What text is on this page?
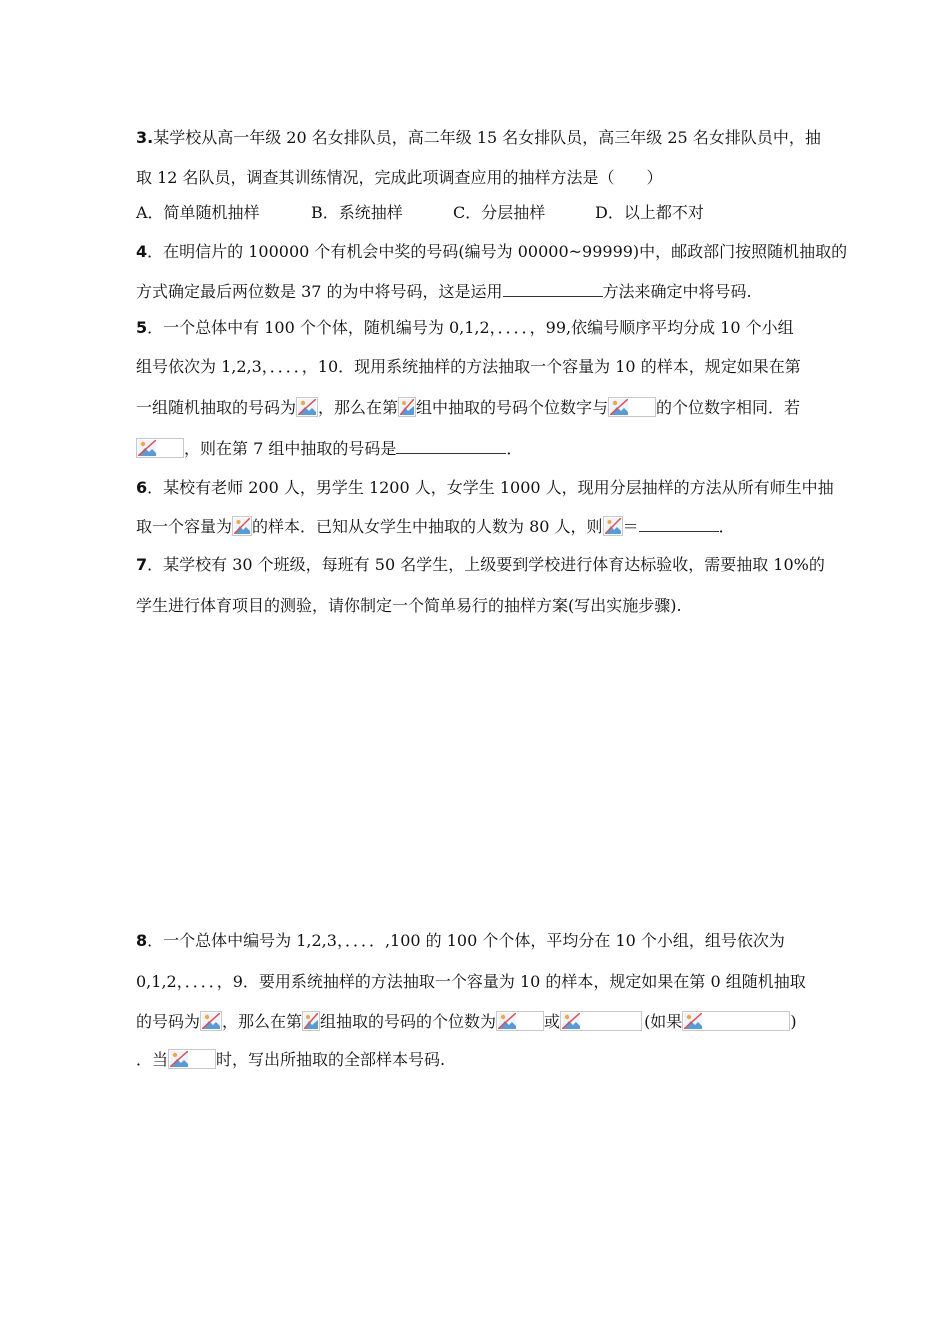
3.某学校从高一年级 20 名女排队员，高二年级 15 名女排队员，高三年级 25 名女排队员中，抽
取 12 名队员，调查其训练情况，完成此项调查应用的抽样方法是（　　）
A．简单随机抽样	B．系统抽样	C．分层抽样	D．以上都不对
4．在明信片的 100000 个有机会中奖的号码(编号为 00000~99999)中，邮政部门按照随机抽取的
方式确定最后两位数是 37 的为中将号码，这是运用	方法来确定中将号码.
5．一个总体中有 100 个个体，随机编号为 0,1,2，．．．．，99,依编号顺序平均分成 10 个小组
组号依次为 1,2,3，．．．．，10．现用系统抽样的方法抽取一个容量为 10 的样本，规定如果在第
一组随机抽取的号码为 ，那么在第 组中抽取的号码个位数字与	的个位数字相同．若
，则在第 7 组中抽取的号码是	．
6．某校有老师 200 人，男学生 1200 人，女学生 1000 人，现用分层抽样的方法从所有师生中抽
取一个容量为 的样本．已知从女学生中抽取的人数为 80 人，则 ＝	．
7．某学校有 30 个班级，每班有 50 名学生，上级要到学校进行体育达标验收，需要抽取 10%的
学生进行体育项目的测验，请你制定一个简单易行的抽样方案(写出实施步骤).
8．一个总体中编号为 1,2,3，．．．．,100 的 100 个个体，平均分在 10 个小组，组号依次为
0,1,2，．．．．，9．要用系统抽样的方法抽取一个容量为 10 的样本，规定如果在第 0 组随机抽取
的号码为 ，那么在第 组抽取的号码的个位数为	或	(如果	)
．当	时，写出所抽取的全部样本号码.
